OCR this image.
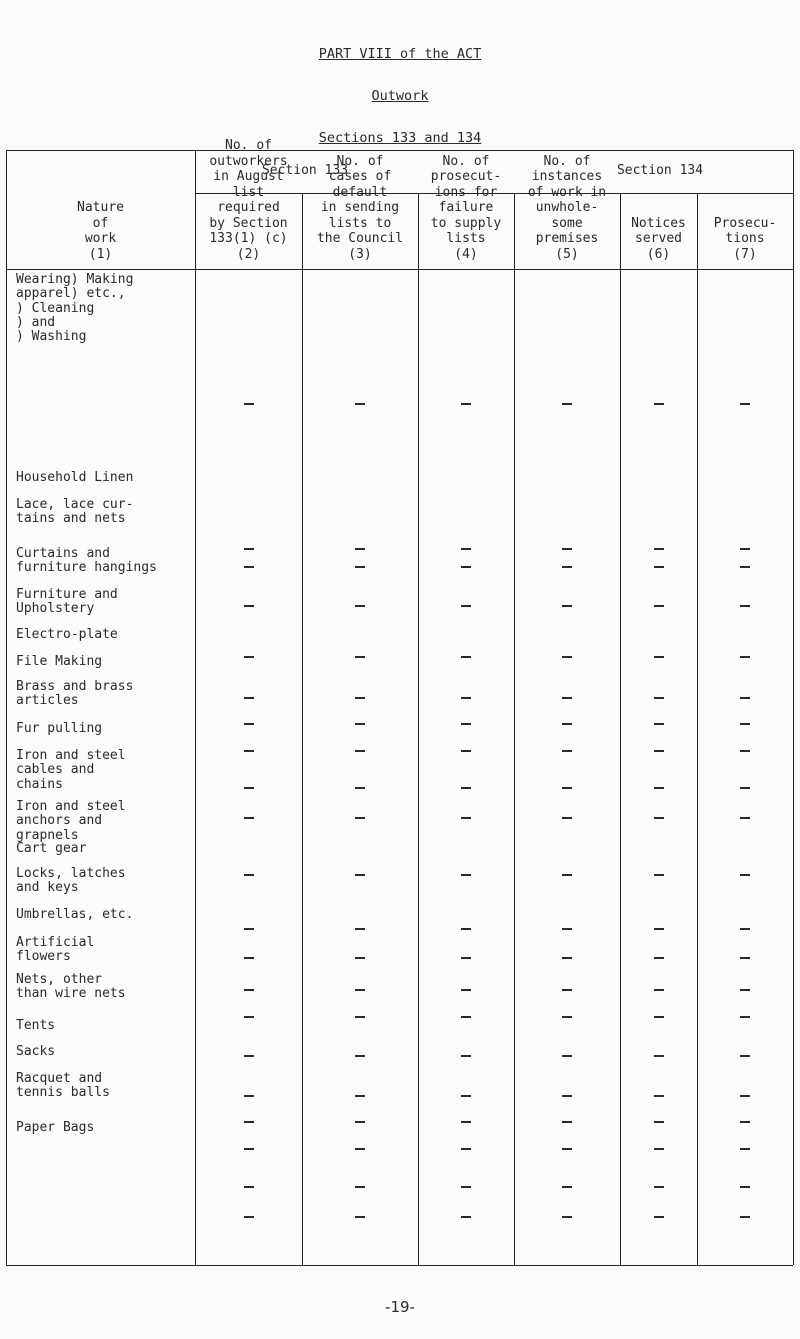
PART VIII of the ACT
Outwork
Sections 133 and 134
Section 133	Section 134
Nature
of
work
(1)
No. of
outworkers
in August
list
required
by Section
133(1) (c)
(2)
No. of
cases of
default
in sending
lists to
the Council
(3)
No. of
prosecut-
ions for
failure
to supply
lists
(4)
No. of
instances
of work in
unwhole-
some
premises
(5)
Notices
served
(6)
Prosecu-
tions
(7)
Wearing) Making
apparel) etc.,
) Cleaning
) and
) Washing
Household Linen
Lace, lace cur-
tains and nets
Curtains and
furniture hangings
Furniture and
Upholstery
Electro-plate
File Making
Brass and brass
articles
Fur pulling
Iron and steel
cables and
chains
Iron and steel
anchors and
grapnels
Cart gear
Locks, latches
and keys
Umbrellas, etc.
Artificial
flowers
Nets, other
than wire nets
Tents
Sacks
Racquet and
tennis balls
Paper Bags
-19-
